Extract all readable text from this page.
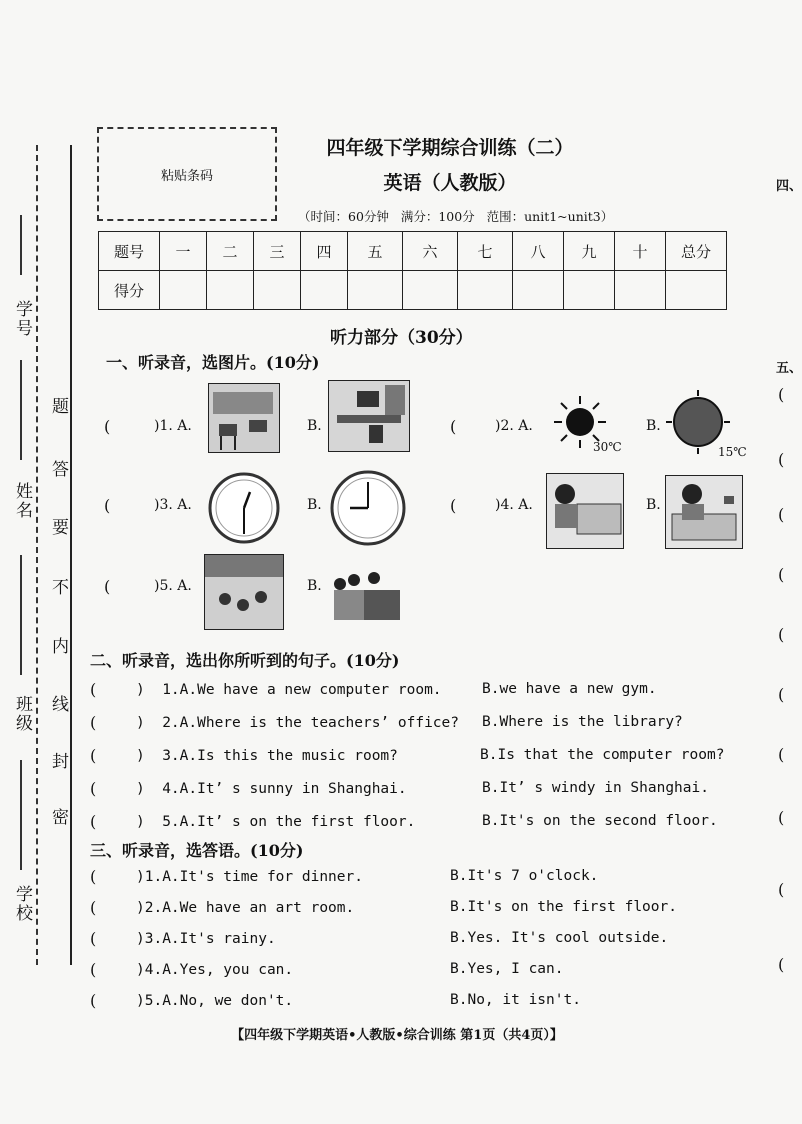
学号
姓名
班级
学校
题
答
要
不
内
线
封
密
粘贴条码
四年级下学期综合训练（二）
英语（人教版）
（时间：60分钟   满分：100分   范围：unit1~unit3）
题号	一	二	三	四	五	六	七	八	九	十	总分
得分											
听力部分（30分）
一、听录音，选图片。(10分)
(	)1. A.	B.	(	)2. A.
30℃
B.
15℃
(	)3. A.	B.	(	)4. A.	B.
(	)5. A.	B.
二、听录音，选出你所听到的句子。(10分)
(	)  1.A.We have a new computer room.	B.we have a new gym.
(	)  2.A.Where is the teachers’ office? B.Where is the library?
(	)  3.A.Is this the music room?	B.Is that the computer room?
(	)  4.A.It’ s sunny in Shanghai.	B.It’ s windy in Shanghai.
(	)  5.A.It’ s on the first floor.	B.It's on the second floor.
三、听录音，选答语。(10分)
(	)1.A.It's time for dinner.	B.It's 7 o'clock.
(	)2.A.We have an art room.	B.It's on the first floor.
(	)3.A.It's rainy.	B.Yes. It's cool outside.
(	)4.A.Yes, you can.	B.Yes, I can.
(	)5.A.No, we don't.	B.No, it isn't.
四、
五、
(
(
(
(
(
(
(
(
(
(
【四年级下学期英语•人教版•综合训练 第1页（共4页）】
